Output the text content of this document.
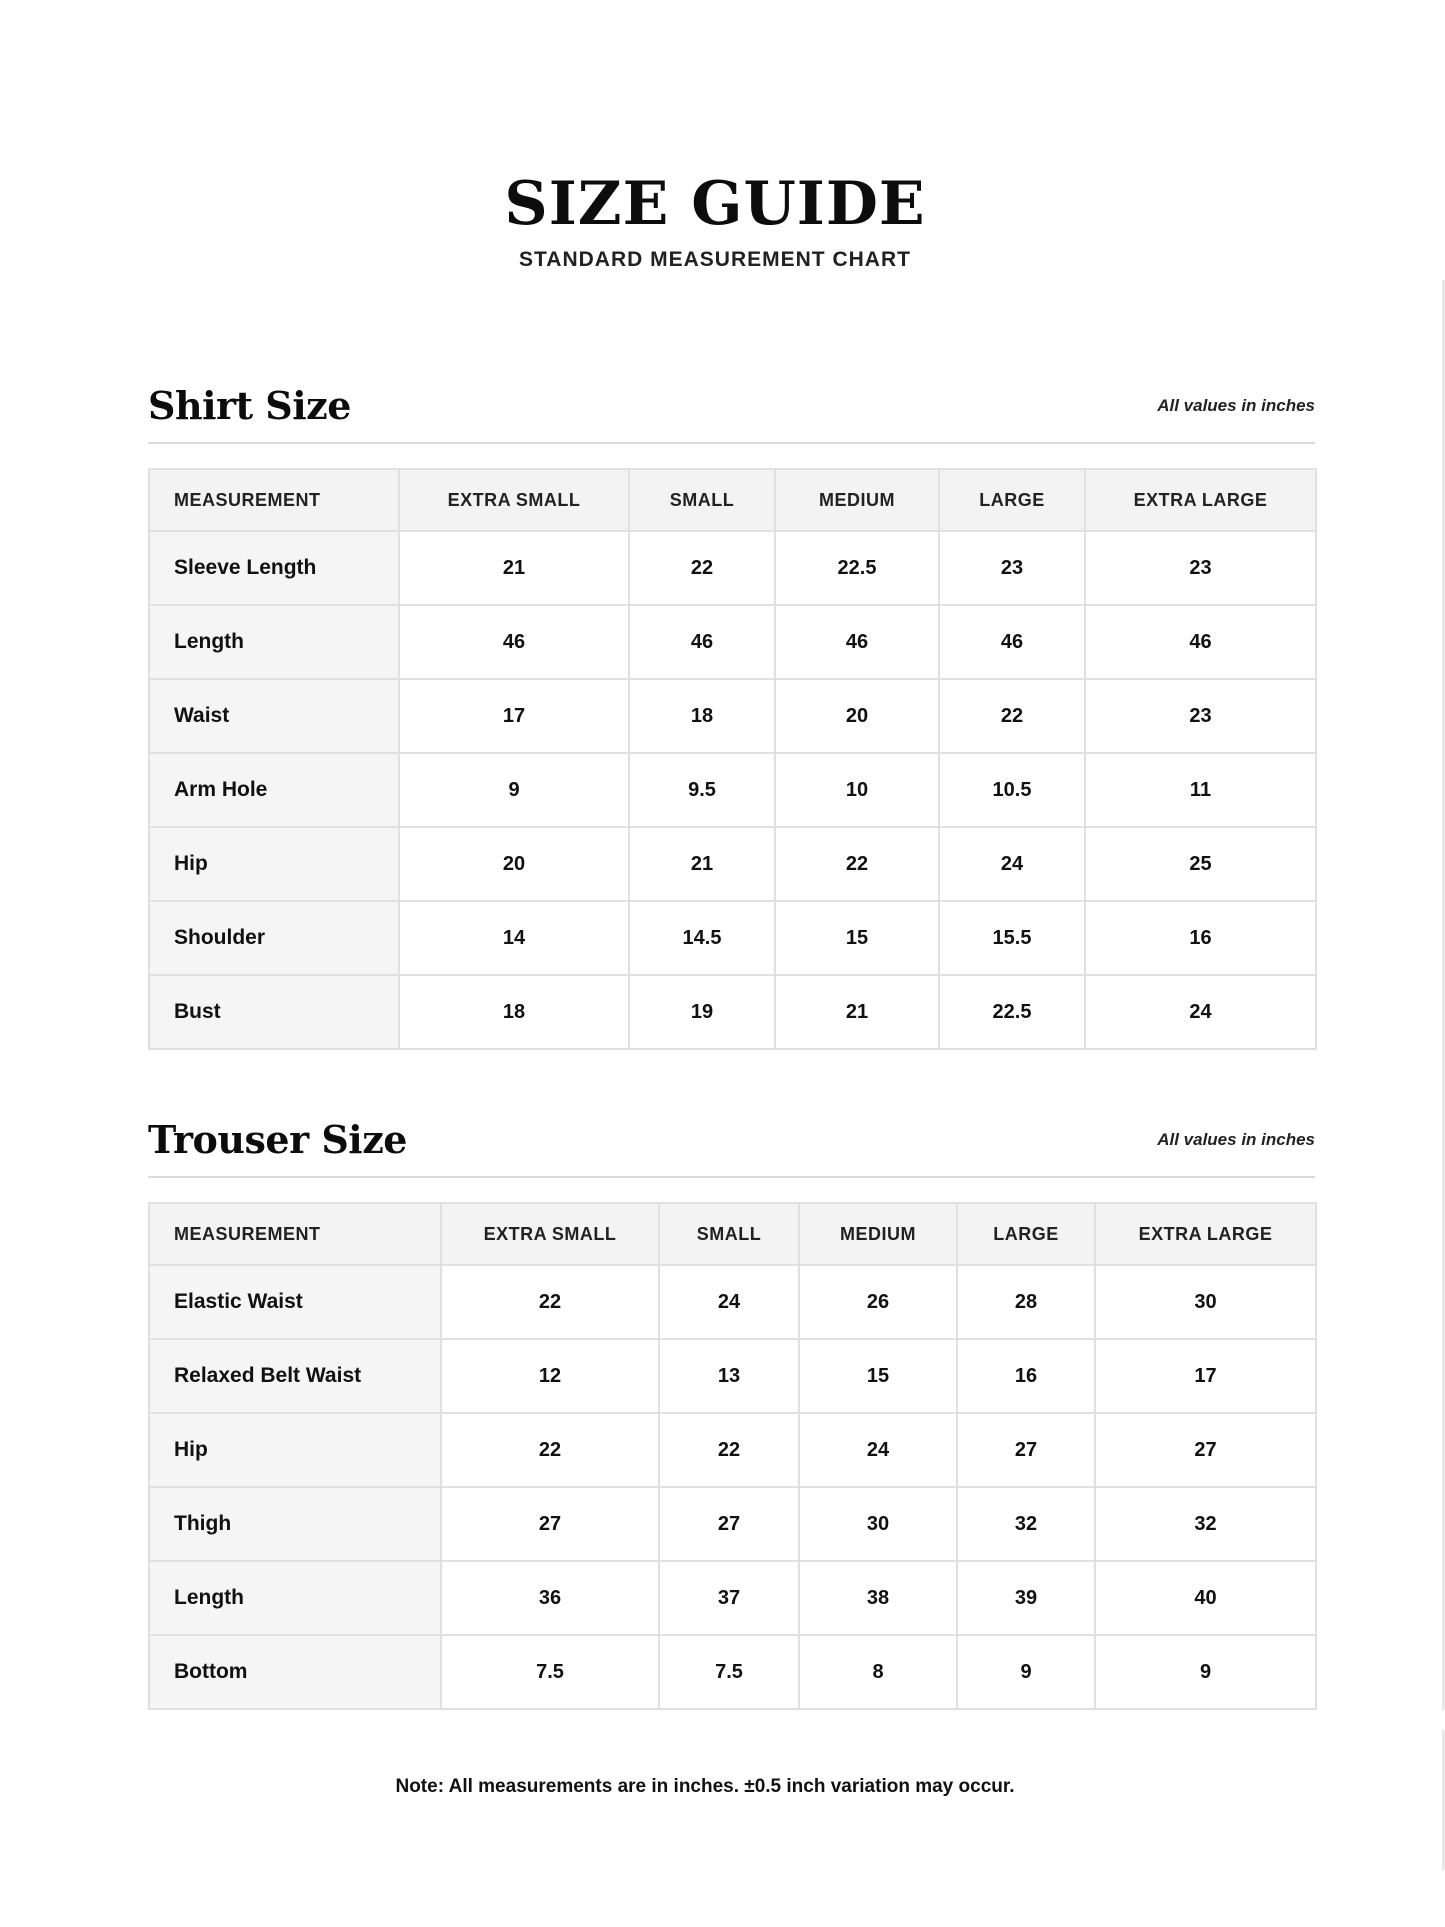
SIZE GUIDE
STANDARD MEASUREMENT CHART
Shirt Size	All values in inches
MEASUREMENT	EXTRA SMALL	SMALL	MEDIUM	LARGE	EXTRA LARGE
Sleeve Length	21	22	22.5	23	23
Length	46	46	46	46	46
Waist	17	18	20	22	23
Arm Hole	9	9.5	10	10.5	11
Hip	20	21	22	24	25
Shoulder	14	14.5	15	15.5	16
Bust	18	19	21	22.5	24
Trouser Size	All values in inches
MEASUREMENT	EXTRA SMALL	SMALL	MEDIUM	LARGE	EXTRA LARGE
Elastic Waist	22	24	26	28	30
Relaxed Belt Waist	12	13	15	16	17
Hip	22	22	24	27	27
Thigh	27	27	30	32	32
Length	36	37	38	39	40
Bottom	7.5	7.5	8	9	9
Note: All measurements are in inches. ±0.5 inch variation may occur.
